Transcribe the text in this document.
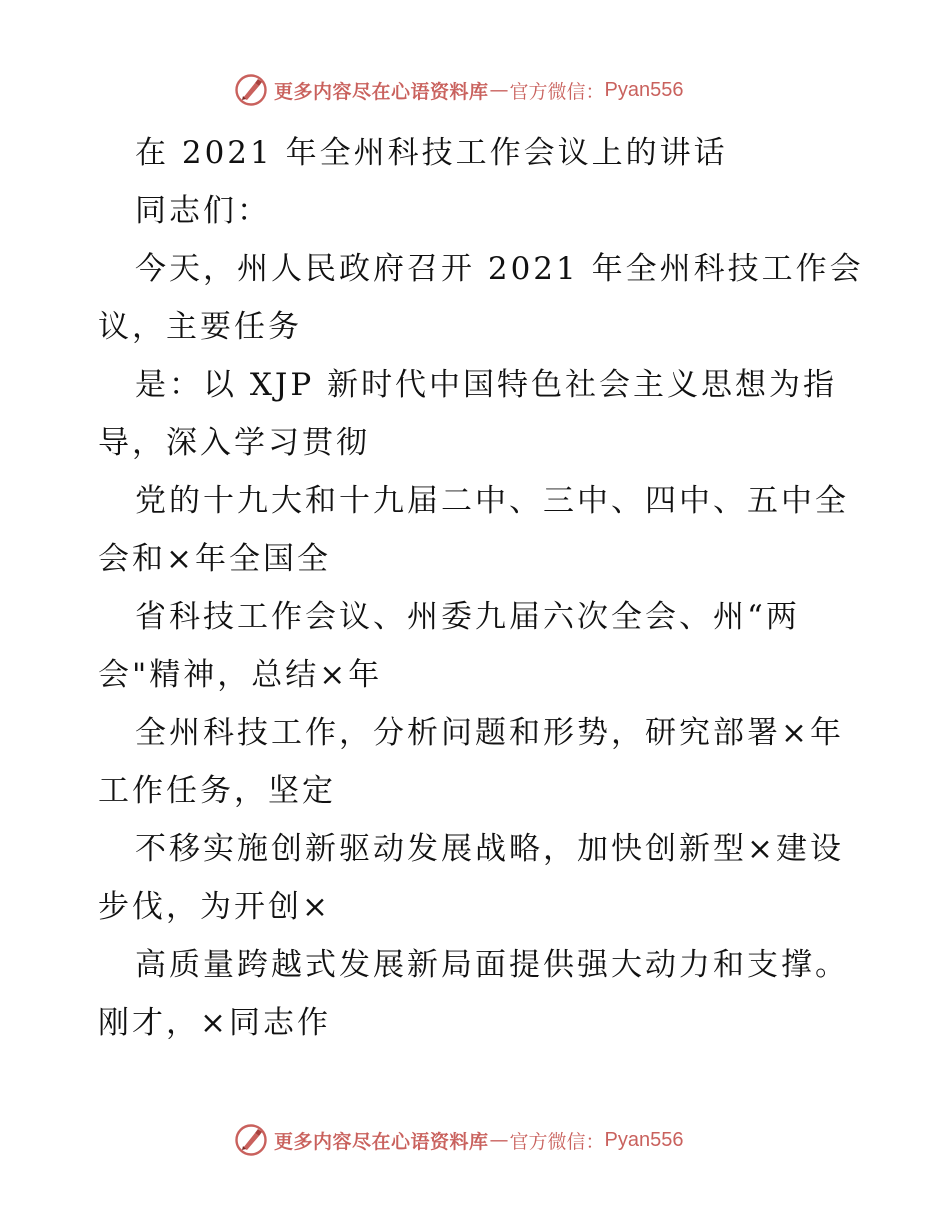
更多内容尽在心语资料库 — 官方微信： Pyan556
在 2021 年全州科技工作会议上的讲话
同志们：
今天，州人民政府召开 2021 年全州科技工作会
议，主要任务
是：以 XJP 新时代中国特色社会主义思想为指
导，深入学习贯彻
党的十九大和十九届二中、三中、四中、五中全
会和×年全国全
省科技工作会议、州委九届六次全会、州“两
会"精神，总结×年
全州科技工作，分析问题和形势，研究部署×年
工作任务，坚定
不移实施创新驱动发展战略，加快创新型×建设
步伐，为开创×
高质量跨越式发展新局面提供强大动力和支撑。
刚才，×同志作
更多内容尽在心语资料库 — 官方微信： Pyan556
